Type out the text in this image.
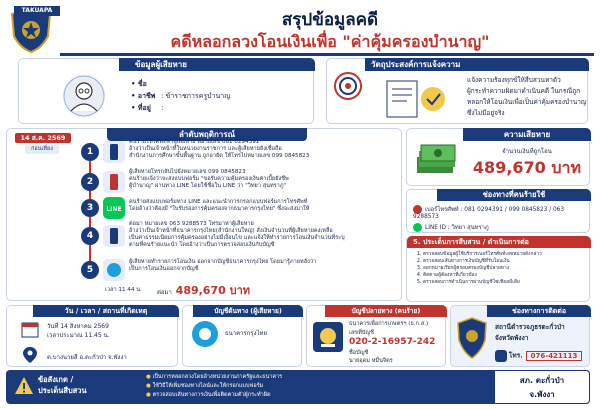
TAKUAPA	สรุปข้อมูลคดี
คดีหลอกลวงโอนเงินเพื่อ "ค่าคุ้มครองบำนาญ"
ข้อมูลผู้เสียหาย
• ชื่อ
• อาชีพ : ข้าราชการครูบำนาญ
• ที่อยู่ :
วัตถุประสงค์การแจ้งความ

แจ้งความร้องทุกข์ให้สืบสวนหาตัว

ผู้กระทำความผิดมาดำเนินคดี ในกรณีถูก

หลอกให้โอนเงินเพื่อเป็นค่าคุ้มครองบำนาญ

ซึ่งไม่มีอยู่จริง

ลำดับพฤติการณ์
14 ส.ค. 2569
ก่อนเที่ยง	1
คนร้ายโทรศัพท์หาผู้เสียหาย หมายเลข 081 0294391
อ้างว่าเป็นเจ้าหน้าที่ในหน่วยงานราชการ และผู้เสียหายยังเชื่อถือ
สำนักงานการศึกษาขั้นพื้นฐาน ถูกอายัด ให้โทรไปหมายเลข 099 0845823
2
ผู้เสียหายโทรกลับไปยังหมายเลข 099 0845823
คนร้ายแจ้งว่าจะส่งแบบฟอร์ม "ขอรับความคุ้มครองเงินค่าเบี้ยยังชีพ
ผู้บำนาญ" ผ่านทาง LINE โดยใช้ชื่อใน LINE ว่า "วิทยา สุนทราภู"
3	LINE
คนร้ายส่งแบบฟอร์มทาง LINE และแนะนำการกรอกแบบฟอร์มการโทรศัพท์
โดยอ้างว่าต้องมี "ใบรับรองการคุ้มครองจากธนาคารกรุงไทย" ซึ่งจะส่งมาให้
4
ต่อมา หมายเลข 063 9288573 โทรมาหาผู้เสียหาย
อ้างว่าเป็นเจ้าหน้าที่ธนาคารกรุงไทย(สำนักงานใหญ่) สั่งเงินจำนวนที่ผู้เสียหายคงเหลือ
เป็นค่าธรรมเนียมการคุ้มครองอย่างไม่มีเงื่อนไข และแจ้งให้ทำรายการโอนเงินจำนวนที่ระบุ
ตามที่คนร้ายแนะนำ โดยอ้างว่าเป็นการตรวจสอบเงินกับบัญชี
5
ผู้เสียหายทำรายการโอนเงิน ออกจากบัญชีธนาคารกรุงไทย โดยมารู้ภายหลังว่า
เป็นการโอนเงินออกจากบัญชี
เวลา 11.44 น.	ต่อมา 489,670 บาท
ความเสียหาย
จำนวนเงินที่ถูกโอน
489,670 บาท
ช่องทางที่คนร้ายใช้
เบอร์โทรศัพท์ : 081 0294391 / 099 0845823 / 063 9288573
LINE ID : วิทยา สุนทราภู
5. ประเด็นการสืบสวน / ดำเนินการต่อ
1. ตรวจสอบข้อมูลผู้ใช้บริการเบอร์โทรศัพท์เลขหมายดังกล่าว
2. ตรวจสอบเส้นทางการเงินบัญชีที่รับโอนเงิน
3. ออกหมายเรียกผู้ครอบครองบัญชีปลายทาง
4. ติดตามผู้ต้องหาที่เกี่ยวข้อง
5. ตรวจสอบการดำเนินการผ่านบัญชีโซเชียลมีเดีย
วัน / เวลา / สถานที่เกิดเหตุ
วันที่ 14 สิงหาคม 2569
เวลาประมาณ 11.45 น.
ต.บางนายสี อ.ตะกั่วป่า จ.พังงา
บัญชีต้นทาง (ผู้เสียหาย)
ธนาคารกรุงไทย
บัญชีปลายทาง (คนร้าย)
ธนาคารเพื่อการเกษตรฯ (ธ.ก.ส.)
เลขที่บัญชี
020-2-16957-242
ชื่อบัญชี
นายอุดม หมื่นจิตร
ช่องทางการติดต่อ
สถานีตำรวจภูธรตะกั่วป่า
จังหวัดพังงา
โทร. 076-421113
ข้อสังเกต /
ประเด็นสืบสวน
● เป็นการหลอกลวงโดยอ้างหน่วยงานภาครัฐและธนาคาร
● ใช้วิธีให้เพิ่มช่องทางไลน์และให้กรอกแบบฟอร์ม
● ตรวจสอบเส้นทางการเงินเพื่อติดตามตัวผู้กระทำผิด
สภ. ตะกั่วป่า
จ.พังงา
